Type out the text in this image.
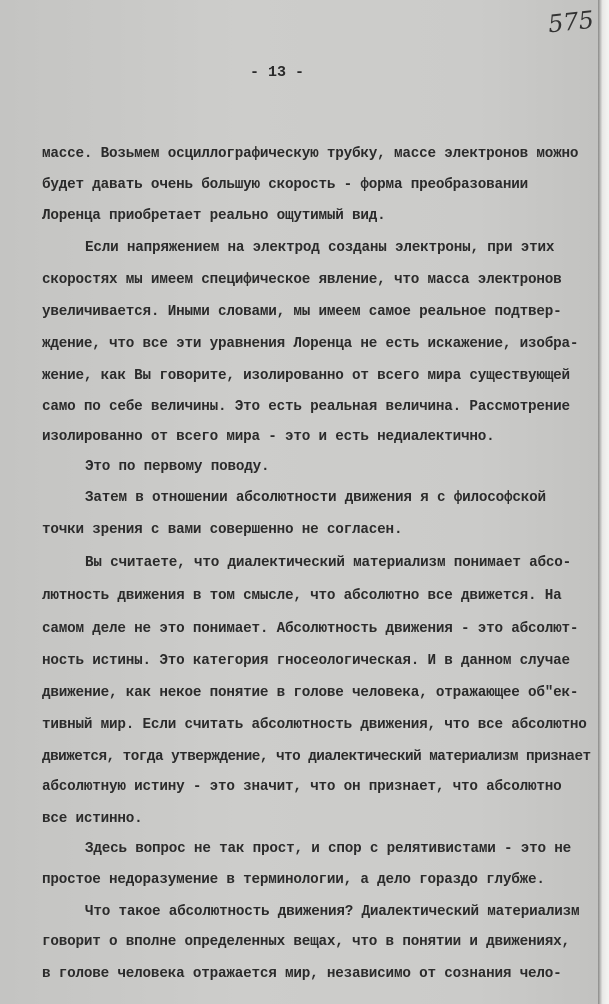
575
- 13 -
массе. Возьмем осциллографическую трубку, массе электронов можно
будет давать очень большую скорость - форма преобразовании
Лоренца приобретает реально ощутимый вид.
Если напряжением на электрод созданы электроны, при этих
скоростях мы имеем специфическое явление, что масса электронов
увеличивается. Иными словами, мы имеем самое реальное подтвер-
ждение, что все эти уравнения Лоренца не есть искажение, изобра-
жение, как Вы говорите, изолированно от всего мира существующей
само по себе величины. Это есть реальная величина. Рассмотрение
изолированно от всего мира - это и есть недиалектично.
Это по первому поводу.
Затем в отношении абсолютности движения я с философской
точки зрения с вами совершенно не согласен.
Вы считаете, что диалектический материализм понимает абсо-
лютность движения в том смысле, что абсолютно все движется. На
самом деле не это понимает. Абсолютность движения - это абсолют-
ность истины. Это категория гносеологическая. И в данном случае
движение, как некое понятие в голове человека, отражающее об"ек-
тивный мир. Если считать абсолютность движения, что все абсолютно
движется, тогда утверждение, что диалектический материализм признает
абсолютную истину - это значит, что он признает, что абсолютно
все истинно.
Здесь вопрос не так прост, и спор с релятивистами - это не
простое недоразумение в терминологии, а дело гораздо глубже.
Что такое абсолютность движения? Диалектический материализм
говорит о вполне определенных вещах, что в понятии и движениях,
в голове человека отражается мир, независимо от сознания чело-
